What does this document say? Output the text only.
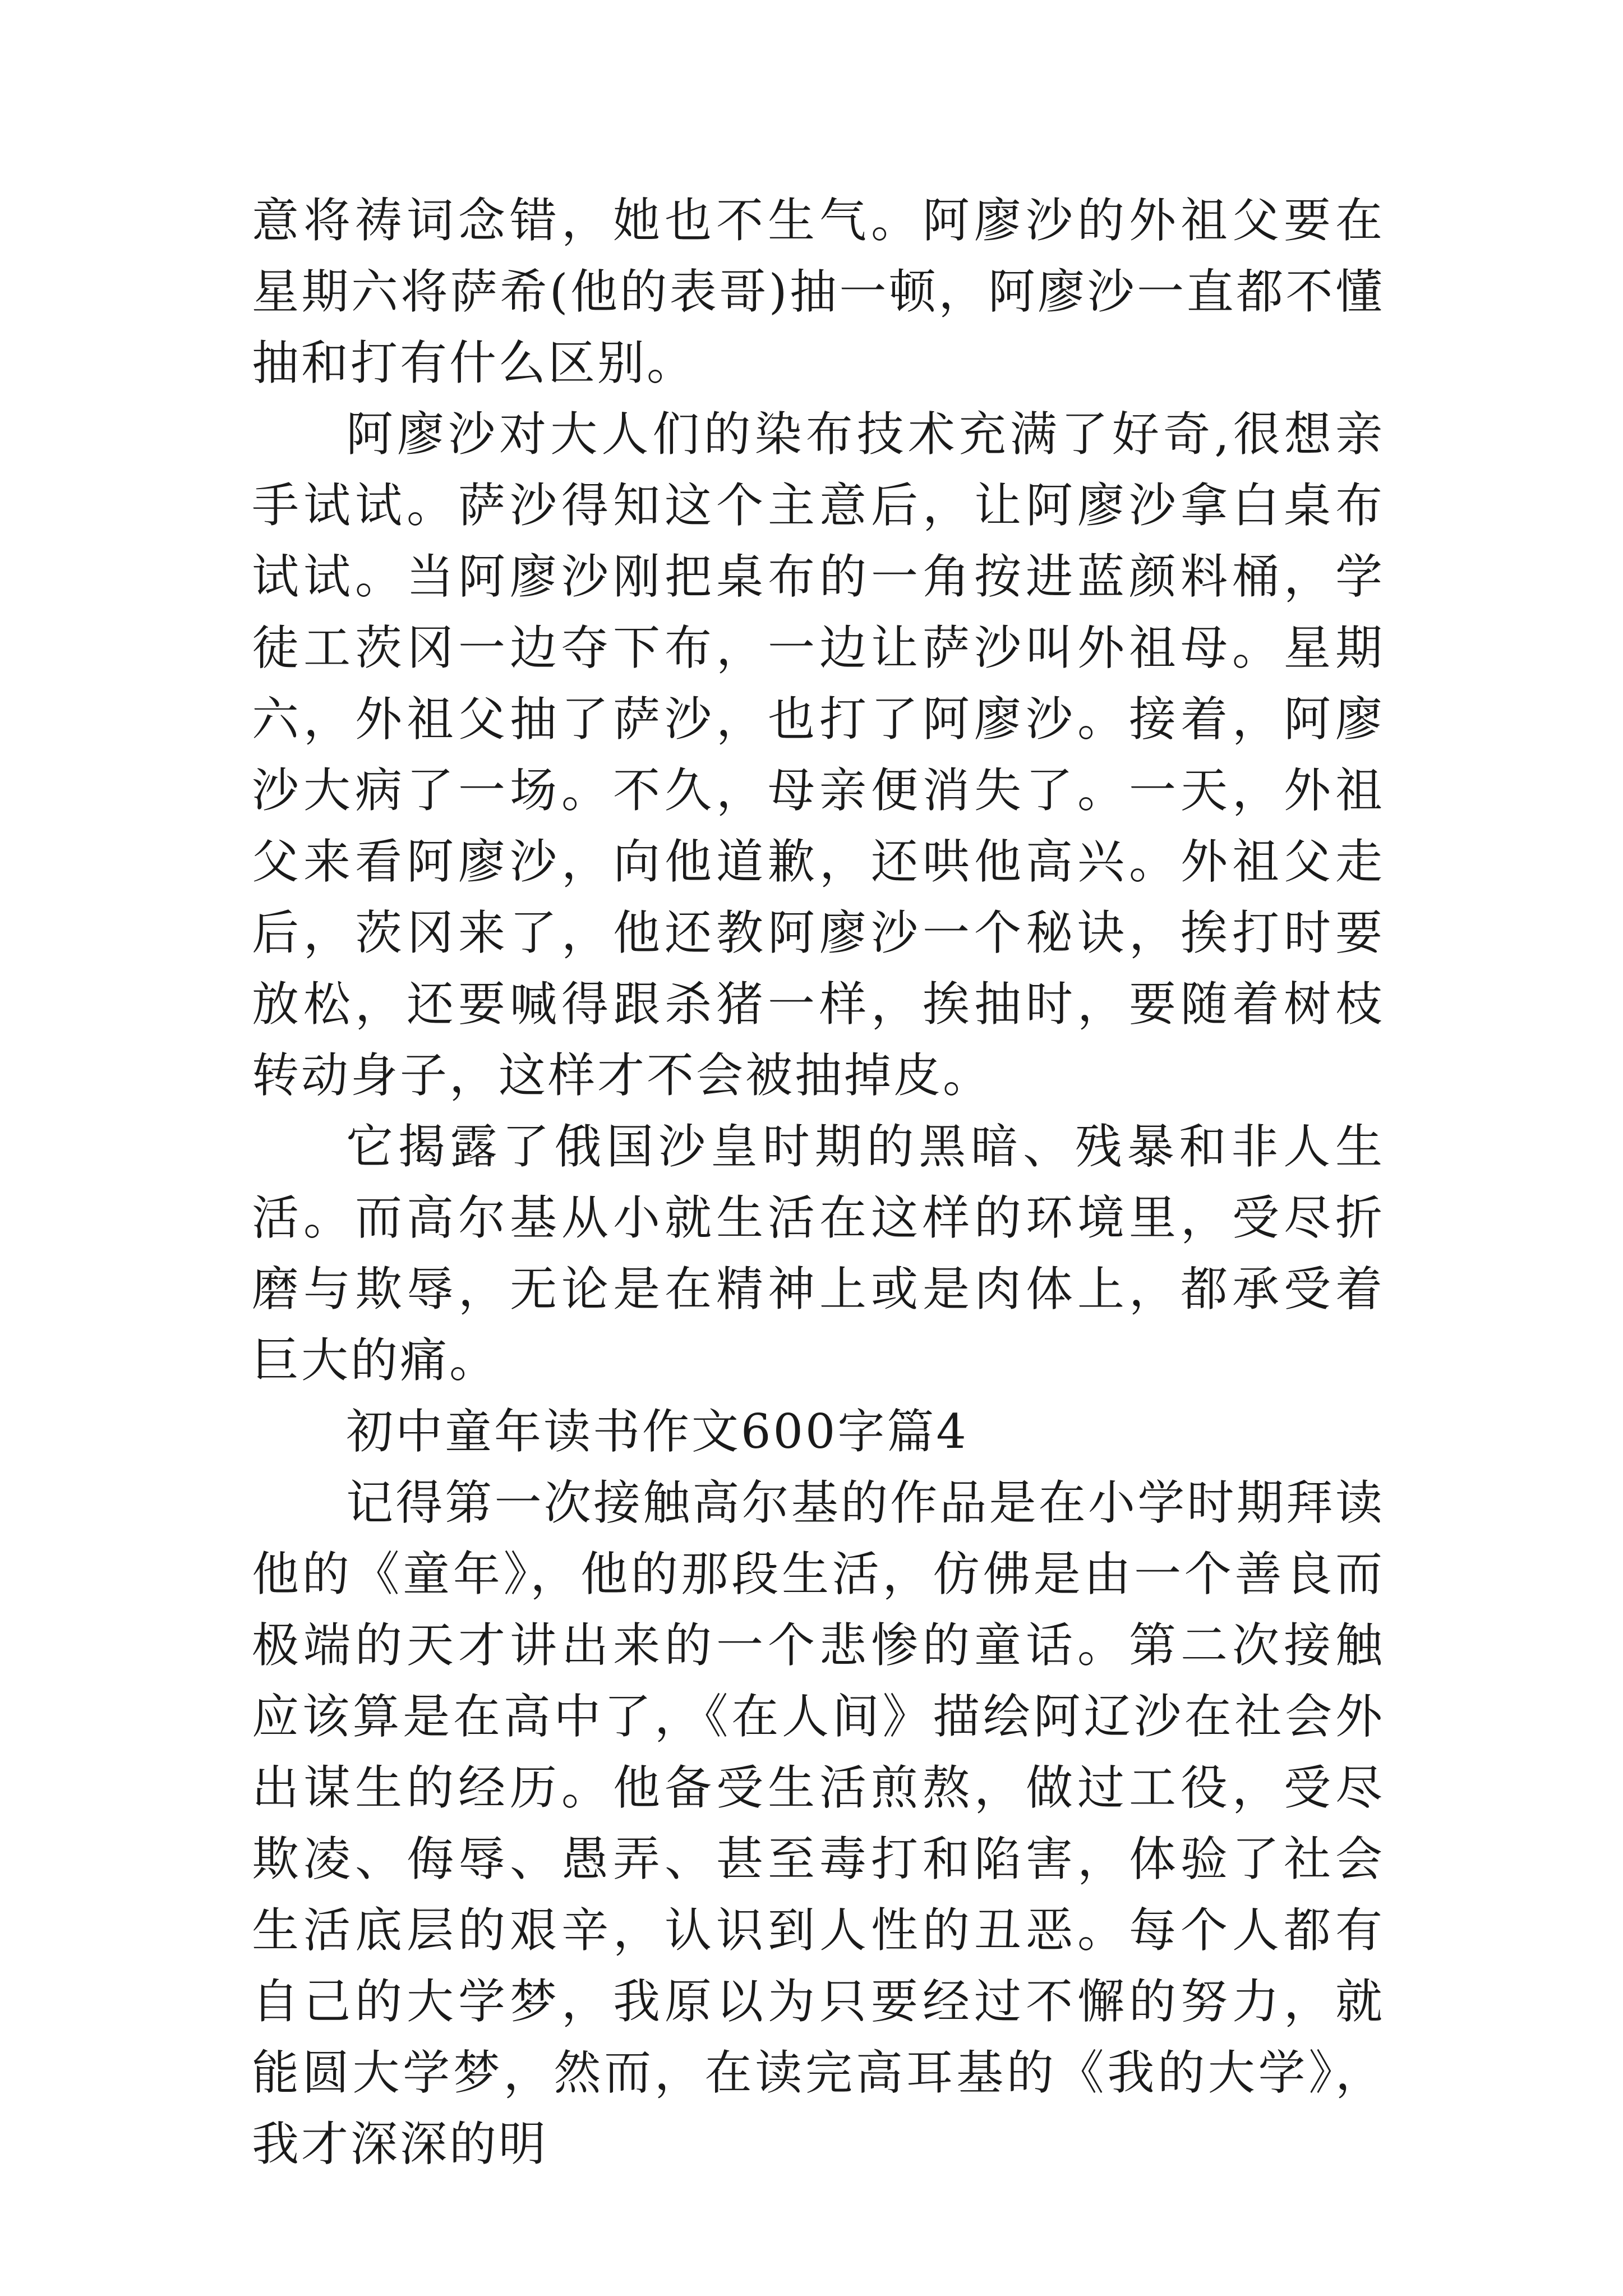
意将祷词念错，她也不生气。阿廖沙的外祖父要在星期六将萨希(他的表哥)抽一顿，阿廖沙一直都不懂抽和打有什么区别。

阿廖沙对大人们的染布技术充满了好奇,很想亲手试试。萨沙得知这个主意后，让阿廖沙拿白桌布试试。当阿廖沙刚把桌布的一角按进蓝颜料桶，学徒工茨冈一边夺下布，一边让萨沙叫外祖母。星期六，外祖父抽了萨沙，也打了阿廖沙。接着，阿廖沙大病了一场。不久，母亲便消失了。一天，外祖父来看阿廖沙，向他道歉，还哄他高兴。外祖父走后，茨冈来了，他还教阿廖沙一个秘诀，挨打时要放松，还要喊得跟杀猪一样，挨抽时，要随着树枝转动身子，这样才不会被抽掉皮。

它揭露了俄国沙皇时期的黑暗、残暴和非人生活。而高尔基从小就生活在这样的环境里，受尽折磨与欺辱，无论是在精神上或是肉体上，都承受着巨大的痛。

初中童年读书作文600字篇4

记得第一次接触高尔基的作品是在小学时期拜读他的《童年》，他的那段生活，仿佛是由一个善良而极端的天才讲出来的一个悲惨的童话。第二次接触应该算是在高中了，《在人间》描绘阿辽沙在社会外出谋生的经历。他备受生活煎熬，做过工役，受尽欺凌、侮辱、愚弄、甚至毒打和陷害，体验了社会生活底层的艰辛，认识到人性的丑恶。每个人都有自己的大学梦，我原以为只要经过不懈的努力，就能圆大学梦，然而，在读完高耳基的《我的大学》，我才深深的明
